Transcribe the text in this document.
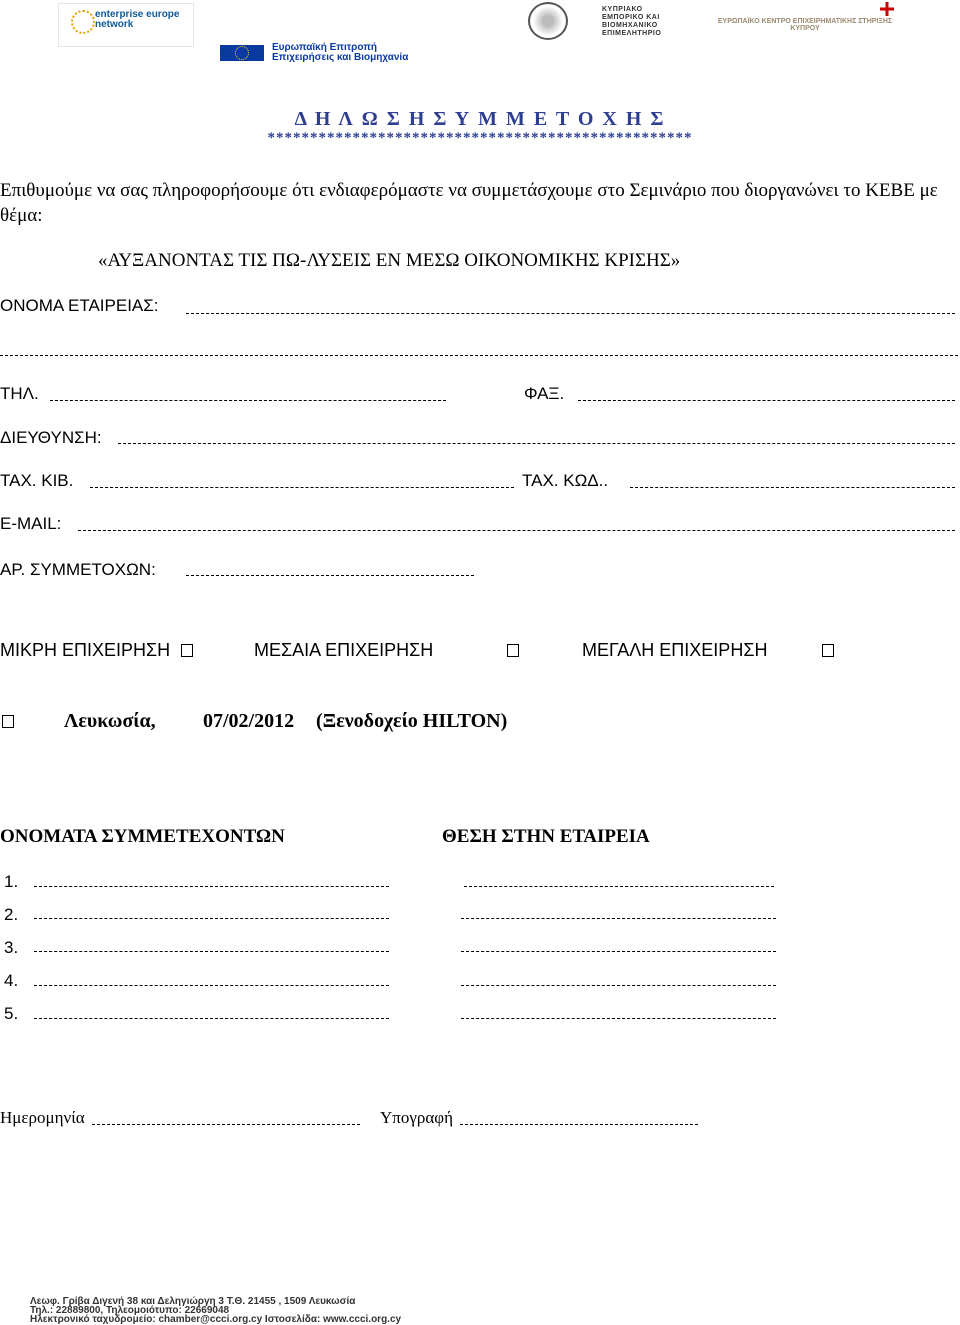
enterprise europe network
ΚΥΠΡΙΑΚΟ ΕΜΠΟΡΙΚΟ ΚΑΙ ΒΙΟΜΗΧΑΝΙΚΟ ΕΠΙΜΕΛΗΤΗΡΙΟ
ΕΥΡΩΠΑΪΚΟ ΚΕΝΤΡΟ ΕΠΙΧΕΙΡΗΜΑΤΙΚΗΣ ΣΤΗΡΙΞΗΣ ΚΥΠΡΟΥ
Ευρωπαϊκή Επιτροπή
Επιχειρήσεις και Βιομηχανία
Δ Η Λ Ω Σ Η Σ Υ Μ Μ Ε Τ Ο Χ Η Σ
**************************************************
Επιθυμούμε να σας πληροφορήσουμε ότι ενδιαφερόμαστε να συμμετάσχουμε στο Σεμινάριο που διοργανώνει το ΚΕΒΕ με θέμα:
«ΑΥΞΑΝΟΝΤΑΣ ΤΙΣ ΠΩ-ΛΥΣΕΙΣ ΕΝ ΜΕΣΩ ΟΙΚΟΝΟΜΙΚΗΣ ΚΡΙΣΗΣ»
ΟΝΟΜΑ ΕΤΑΙΡΕΙΑΣ:
ΤΗΛ.	ΦΑΞ.
ΔΙΕΥΘΥΝΣΗ:
ΤΑΧ. ΚΙΒ.	ΤΑΧ. ΚΩΔ..
E-MAIL:
ΑΡ. ΣΥΜΜΕΤΟΧΩΝ:
ΜΙΚΡΗ ΕΠΙΧΕΙΡΗΣΗ	ΜΕΣΑΙΑ ΕΠΙΧΕΙΡΗΣΗ	ΜΕΓΑΛΗ ΕΠΙΧΕΙΡΗΣΗ
Λευκωσία, 07/02/2012 (Ξενοδοχείο HILTON)
ΟΝΟΜΑΤΑ ΣΥΜΜΕΤΕΧΟΝΤΩΝ	ΘΕΣΗ ΣΤΗΝ ΕΤΑΙΡΕΙΑ
1.
2.
3.
4.
5.
Ημερομηνία	Υπογραφή
Λεωφ. Γρίβα Διγενή 38 και Δεληγιώργη 3 Τ.Θ. 21455 , 1509 Λευκωσία
Τηλ.: 22889800, Τηλεομοιότυπο: 22669048
Ηλεκτρονικό ταχυδρομείο: chamber@ccci.org.cy Ιστοσελίδα: www.ccci.org.cy
